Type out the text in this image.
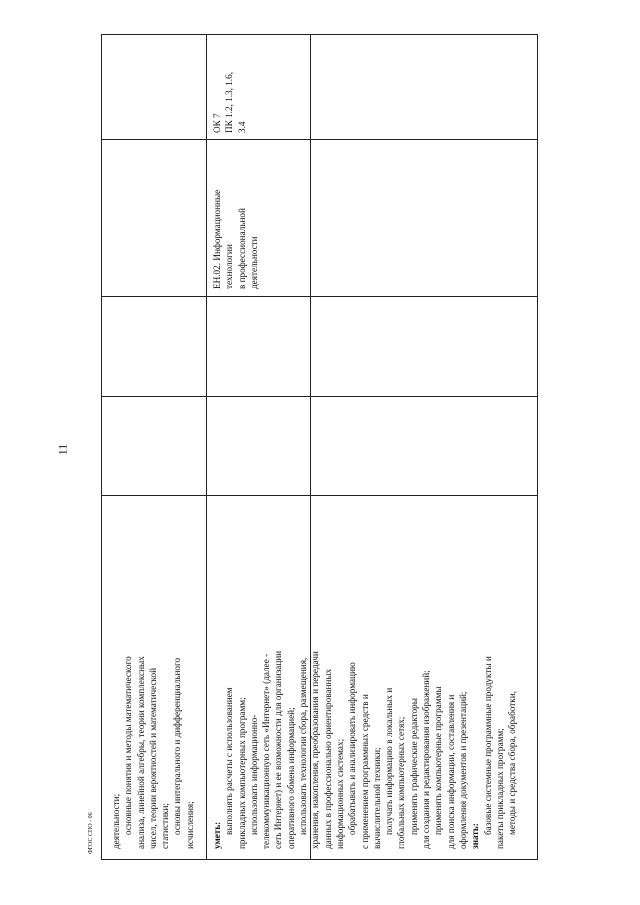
11
ФГОС СПО - 06 деятельности; основные понятия и методы математического анализа, линейной алгебры, теории комплексных чисел, теории вероятностей и математической статистики; основы интегрального и дифференциального исчисления; уметь:
выполнять расчеты с использованием прикладных компьютерных программ; использовать информационно- телекоммуникационную сеть «Интернет» (далее - сеть Интернет) и ее возможности для организации оперативного обмена информацией; использовать технологии сбора, размещения, хранения, накопления, преобразования и передачи данных в профессионально ориентированных информационных системах; обрабатывать и анализировать информацию с применением программных средств и вычислительной техники; получать информацию в локальных и глобальных компьютерных сетях; применять графические редакторы для создания и редактирования изображений; применять компьютерные программы для поиска информации, составления и оформления документов и презентаций; знать:
базовые системные программные продукты и пакеты прикладных программ; методы и средства сбора, обработки,
ЕН.02. Информационные технологии в профессиональной деятельности
ОК 7 ПК 1.2, 1.3, 1.6, 3.4
